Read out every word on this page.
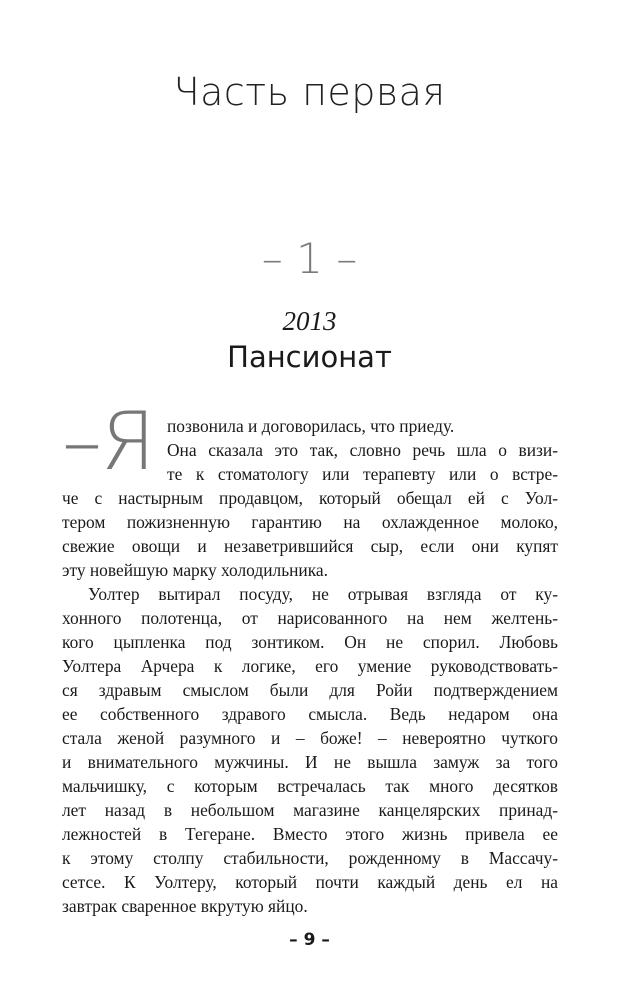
Часть первая
– 1 –
2013
Пансионат
–Я позвонила и договорилась, что приеду.
Она сказала это так, словно речь шла о визи-
те к стоматологу или терапевту или о встре-
че с настырным продавцом, который обещал ей с Уол-
тером пожизненную гарантию на охлажденное молоко,
свежие овощи и незаветрившийся сыр, если они купят
эту новейшую марку холодильника.
Уолтер вытирал посуду, не отрывая взгляда от ку-
хонного полотенца, от нарисованного на нем желтень-
кого цыпленка под зонтиком. Он не спорил. Любовь
Уолтера Арчера к логике, его умение руководствовать-
ся здравым смыслом были для Ройи подтверждением
ее собственного здравого смысла. Ведь недаром она
стала женой разумного и – боже! – невероятно чуткого
и внимательного мужчины. И не вышла замуж за того
мальчишку, с которым встречалась так много десятков
лет назад в небольшом магазине канцелярских принад-
лежностей в Тегеране. Вместо этого жизнь привела ее
к этому столпу стабильности, рожденному в Массачу-
сетсе. К Уолтеру, который почти каждый день ел на
завтрак сваренное вкрутую яйцо.
– 9 –
